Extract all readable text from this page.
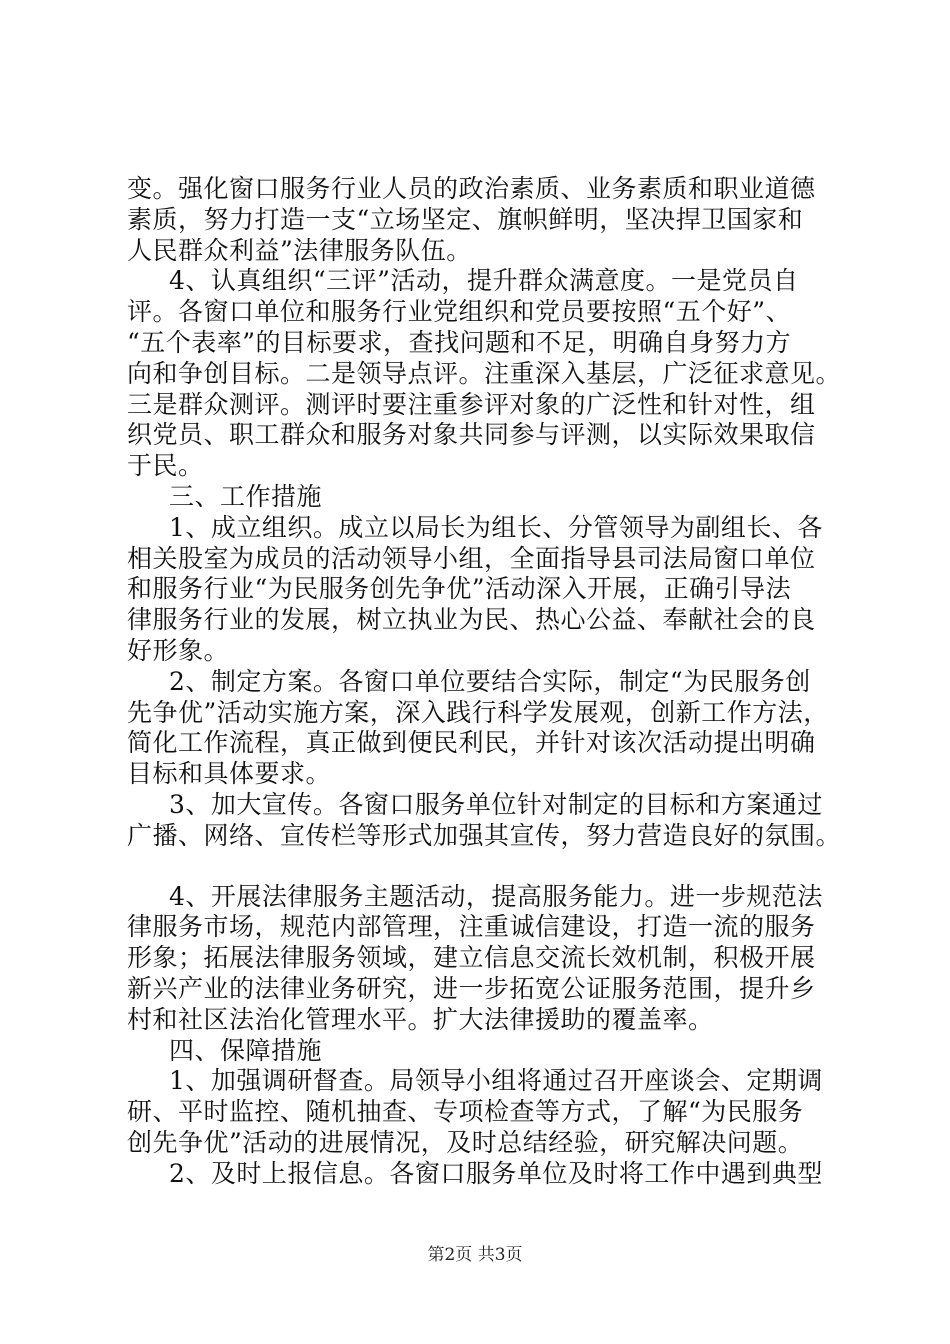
变。强化窗口服务行业人员的政治素质、业务素质和职业道德
素质，努力打造一支“立场坚定、旗帜鲜明，坚决捍卫国家和
人民群众利益”法律服务队伍。
4、认真组织“三评”活动，提升群众满意度。一是党员自
评。各窗口单位和服务行业党组织和党员要按照“五个好”、
“五个表率”的目标要求，查找问题和不足，明确自身努力方
向和争创目标。二是领导点评。注重深入基层，广泛征求意见。
三是群众测评。测评时要注重参评对象的广泛性和针对性，组
织党员、职工群众和服务对象共同参与评测，以实际效果取信
于民。
三、工作措施
1、成立组织。成立以局长为组长、分管领导为副组长、各
相关股室为成员的活动领导小组，全面指导县司法局窗口单位
和服务行业“为民服务创先争优”活动深入开展，正确引导法
律服务行业的发展，树立执业为民、热心公益、奉献社会的良
好形象。
2、制定方案。各窗口单位要结合实际，制定“为民服务创
先争优”活动实施方案，深入践行科学发展观，创新工作方法，
简化工作流程，真正做到便民利民，并针对该次活动提出明确
目标和具体要求。
3、加大宣传。各窗口服务单位针对制定的目标和方案通过
广播、网络、宣传栏等形式加强其宣传，努力营造良好的氛围。
4、开展法律服务主题活动，提高服务能力。进一步规范法
律服务市场，规范内部管理，注重诚信建设，打造一流的服务
形象；拓展法律服务领域，建立信息交流长效机制，积极开展
新兴产业的法律业务研究，进一步拓宽公证服务范围，提升乡
村和社区法治化管理水平。扩大法律援助的覆盖率。
四、保障措施
1、加强调研督查。局领导小组将通过召开座谈会、定期调
研、平时监控、随机抽查、专项检查等方式，了解“为民服务
创先争优”活动的进展情况，及时总结经验，研究解决问题。
2、及时上报信息。各窗口服务单位及时将工作中遇到典型
第2页 共3页
